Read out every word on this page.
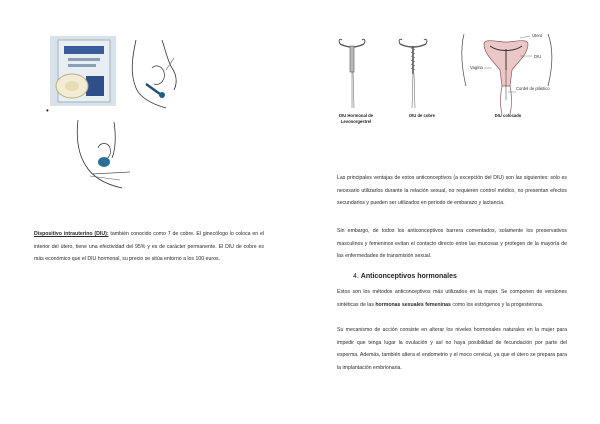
•
Dispositivo intrauterino (DIU): también conocido como 7 de cobre. El ginecólogo lo coloca en el interior del útero, tiene una efectividad del 95% y es de carácter permanente. El DIU de cobre es más económico que el DIU hormonal, su precio se sitúa entorno a los 100 euros.
Útero
DIU
Vagina
Cordel de plástico
DIU Hormonal de Levonorgestrel
DIU de cobre	DIU colocado
Las principales ventajas de estos anticonceptivos (a excepción del DIU) son las siguientes: solo es necesario utilizarlos durante la relación sexual, no requieren control médico, no presentan efectos secundarios y pueden ser utilizados en periodo de embarazo y lactancia.
Sin embargo, de todos los anticonceptivos barrera comentados, solamente los preservativos masculinos y femeninos evitan el contacto directo entre las mucosas y protegen de la mayoría de las enfermedades de transmisión sexual.
4. Anticonceptivos hormonales
Estos son los métodos anticonceptivos más utilizados en la mujer. Se componen de versiones sintéticas de las hormonas sexuales femeninas como los estrógenos y la progesterona.
Su mecanismo de acción consiste en alterar los niveles hormonales naturales en la mujer para impedir que tenga lugar la ovulación y así no haya posibilidad de fecundación por parte del esperma. Además, también altera el endometrio y el moco cervical, ya que el útero se prepara para la implantación embrionaria.
